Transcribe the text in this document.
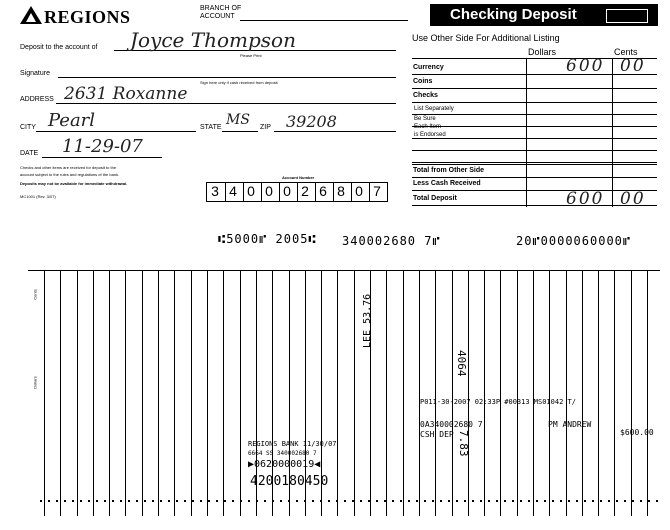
REGIONS	BRANCH OF
ACCOUNT	Checking Deposit
Deposit to the account of Joyce Thompson
Please Print
Signature
Sign here only if cash received from deposit
ADDRESS 2631 Roxanne
CITY Pearl	STATE MS ZIP 39208
DATE 11-29-07
Checks and other items are received for deposit to the
account subject to the rules and regulations of the bank.
Deposits may not be available for immediate withdrawal.
MC1001 (Rev. 3/07)
Account Number
3 4 0 0 0 2 6 8 0 7
Use Other Side For Additional Listing
Dollars	Cents
Currency	600 00
Coins
Checks
List Separately
Be Sure
Each Item
is Endorsed
Total from Other Side
Less Cash Received
Total Deposit	600 00
⑆5000⑈ 2005⑆ 340002680 7⑈	20⑈0000060000⑈
Cents
Dollars
4064
7.83
LEE 53.76
P011-30-2007 02:33P #00313 MS01042 T/
0A340002680 7
CSH DEP
PM ANDREW
$600.00
REGIONS BANK 11/30/07
6664 SS 340002680 7
▶0620000019◀
4200180450
